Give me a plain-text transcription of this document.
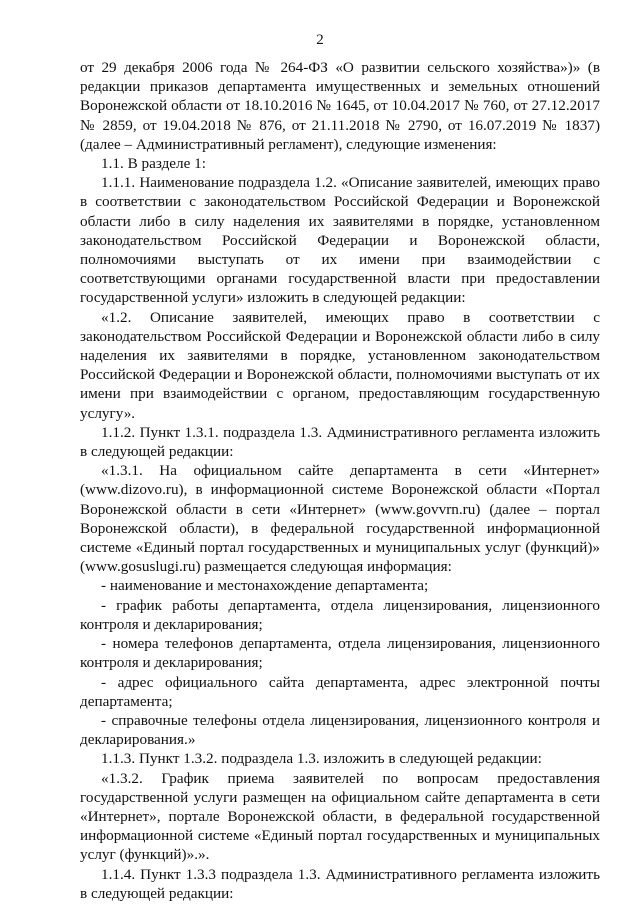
2

от 29 декабря 2006 года № 264-ФЗ «О развитии сельского хозяйства»)» (в редакции приказов департамента имущественных и земельных отношений Воронежской области от 18.10.2016 № 1645, от 10.04.2017 № 760, от 27.12.2017 № 2859, от 19.04.2018 № 876, от 21.11.2018 № 2790, от 16.07.2019 № 1837) (далее – Административный регламент), следующие изменения:

1.1. В разделе 1:

1.1.1. Наименование подраздела 1.2. «Описание заявителей, имеющих право в соответствии с законодательством Российской Федерации и Воронежской области либо в силу наделения их заявителями в порядке, установленном законодательством Российской Федерации и Воронежской области, полномочиями выступать от их имени при взаимодействии с соответствующими органами государственной власти при предоставлении государственной услуги» изложить в следующей редакции:

«1.2. Описание заявителей, имеющих право в соответствии с законодательством Российской Федерации и Воронежской области либо в силу наделения их заявителями в порядке, установленном законодательством Российской Федерации и Воронежской области, полномочиями выступать от их имени при взаимодействии с органом, предоставляющим государственную услугу».

1.1.2. Пункт 1.3.1. подраздела 1.3. Административного регламента изложить в следующей редакции:

«1.3.1. На официальном сайте департамента в сети «Интернет» (www.dizovo.ru), в информационной системе Воронежской области «Портал Воронежской области в сети «Интернет» (www.govvrn.ru) (далее – портал Воронежской области), в федеральной государственной информационной системе «Единый портал государственных и муниципальных услуг (функций)» (www.gosuslugi.ru) размещается следующая информация:

- наименование и местонахождение департамента;

- график работы департамента, отдела лицензирования, лицензионного контроля и декларирования;

- номера телефонов департамента, отдела лицензирования, лицензионного контроля и декларирования;

- адрес официального сайта департамента, адрес электронной почты департамента;

- справочные телефоны отдела лицензирования, лицензионного контроля и декларирования.»

1.1.3. Пункт 1.3.2. подраздела 1.3. изложить в следующей редакции:

«1.3.2. График приема заявителей по вопросам предоставления государственной услуги размещен на официальном сайте департамента в сети «Интернет», портале Воронежской области, в федеральной государственной информационной системе «Единый портал государственных и муниципальных услуг (функций)».».

1.1.4. Пункт 1.3.3 подраздела 1.3. Административного регламента изложить в следующей редакции:
